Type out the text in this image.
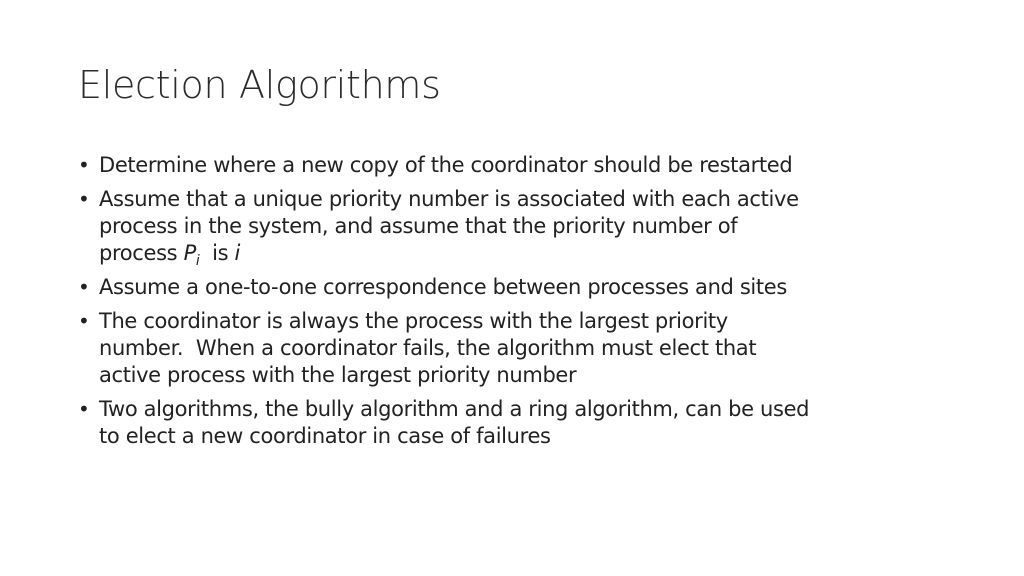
Election Algorithms
• Determine where a new copy of the coordinator should be restarted
• Assume that a unique priority number is associated with each active
process in the system, and assume that the priority number of
process $P_i$  is i
• Assume a one-to-one correspondence between processes and sites
• The coordinator is always the process with the largest priority
number.  When a coordinator fails, the algorithm must elect that
active process with the largest priority number
• Two algorithms, the bully algorithm and a ring algorithm, can be used
to elect a new coordinator in case of failures
